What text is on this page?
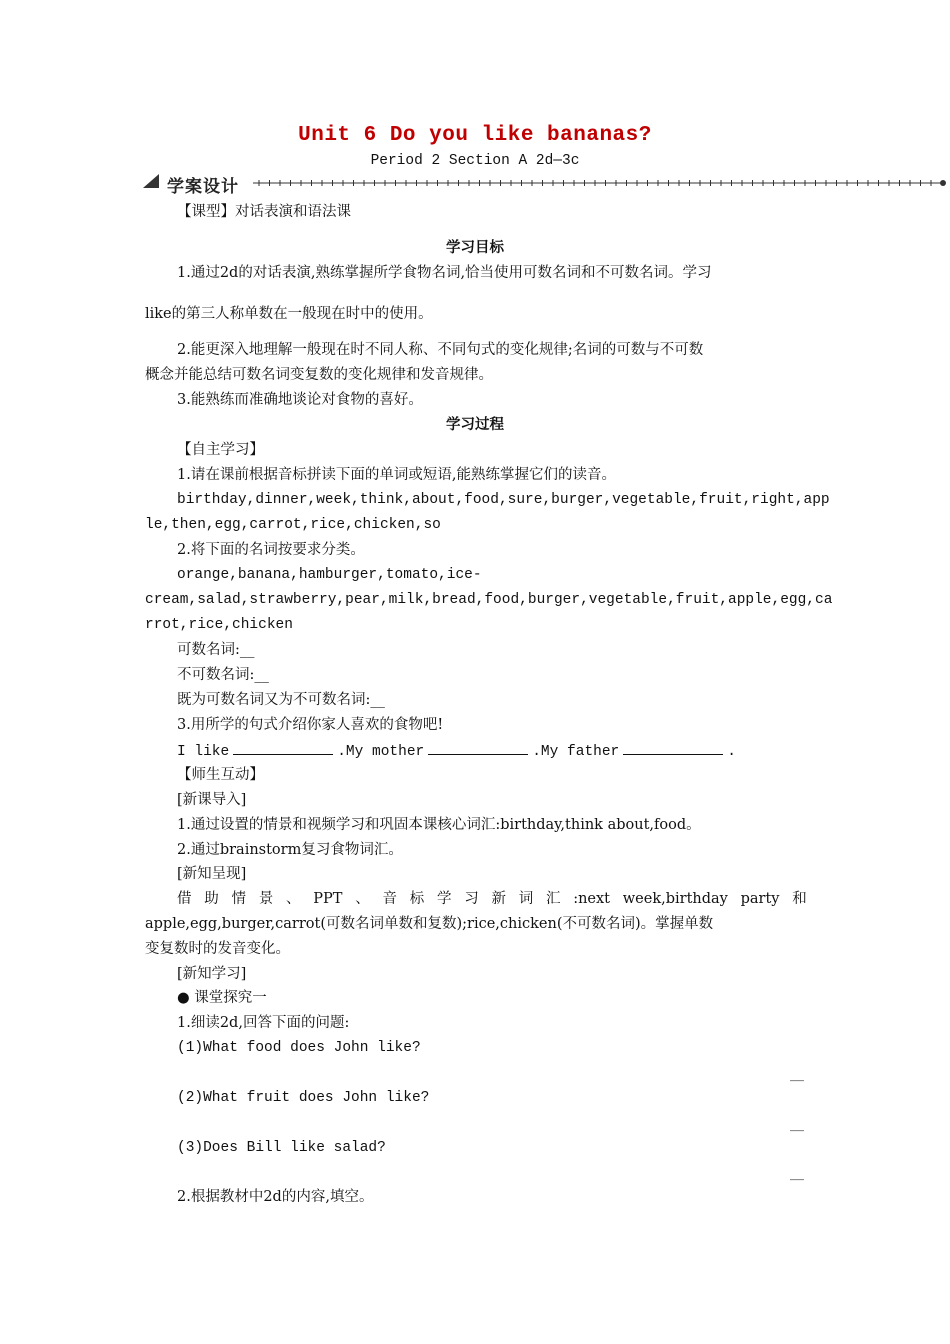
Unit 6 Do you like bananas?
Period 2 Section A 2d—3c
学案设计
【课型】对话表演和语法课
学习目标
1.通过2d的对话表演,熟练掌握所学食物名词,恰当使用可数名词和不可数名词。学习
like的第三人称单数在一般现在时中的使用。
2.能更深入地理解一般现在时不同人称、不同句式的变化规律;名词的可数与不可数
概念并能总结可数名词变复数的变化规律和发音规律。
3.能熟练而准确地谈论对食物的喜好。
学习过程
【自主学习】
1.请在课前根据音标拼读下面的单词或短语,能熟练掌握它们的读音。
birthday,dinner,week,think,about,food,sure,burger,vegetable,fruit,right,app
le,then,egg,carrot,rice,chicken,so
2.将下面的名词按要求分类。
orange,banana,hamburger,tomato,ice-
cream,salad,strawberry,pear,milk,bread,food,burger,vegetable,fruit,apple,egg,ca
rrot,rice,chicken
可数名词:__
不可数名词:__
既为可数名词又为不可数名词:__
3.用所学的句式介绍你家人喜欢的食物吧!
I like	.My mother	.My father	.
【师生互动】
[新课导入]
1.通过设置的情景和视频学习和巩固本课核心词汇:birthday,think about,food。
2.通过brainstorm复习食物词汇。
[新知呈现]
借 助 情 景 、 PPT 、 音 标 学 习 新 词 汇 :next week,birthday party 和
apple,egg,burger,carrot(可数名词单数和复数);rice,chicken(不可数名词)。掌握单数
变复数时的发音变化。
[新知学习]
● 课堂探究一
1.细读2d,回答下面的问题:
(1)What food does John like?
__
(2)What fruit does John like?
__
(3)Does Bill like salad?
__
2.根据教材中2d的内容,填空。
